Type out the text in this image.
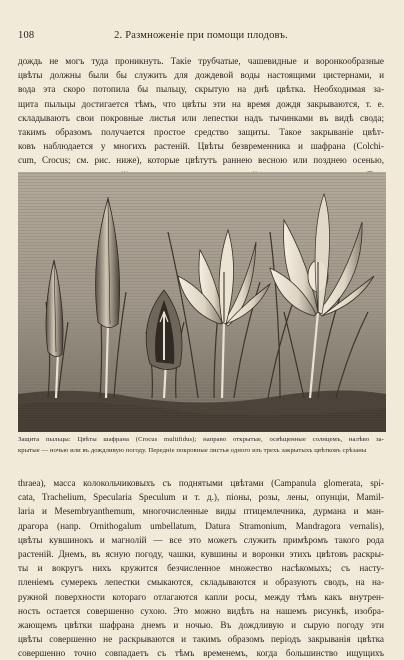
108	2. Размноженіе при помощи плодовъ.
дождь не могъ туда проникнуть. Такіе трубчатые, чашевидные и воронкообразные
цвѣты должны были бы служить для дождевой воды настоящими цистернами, и
вода эта скоро потопила бы пыльцу, скрытую на днѣ цвѣтка. Необходимая за-
щита пыльцы достигается тѣмъ, что цвѣты эти на время дождя закрываются, т. е.
складываютъ свои покровные листья или лепестки надъ тычинками въ видѣ свода;
такимъ образомъ получается простое средство защиты. Такое закрываніе цвѣт-
ковъ наблюдается у многихъ растеній. Цвѣты безвременника и шафрана (Colchi-
cum, Crocus; см. рис. ниже), которые цвѣтутъ раннею весною или позднею осенью,
Защита пыльцы: Цвѣты шафрана (Crocus multifidus); направо открытые, освѣщенные солнцемъ, налѣво за-
крытые — ночью или въ дождливую погоду. Передніе покровные листья одного изъ трехъ закрытыхъ цвѣтковъ срѣзаны
thraea), масса колокольчиковыхъ съ поднятыми цвѣтами (Campanula glomerata, spi-
cata, Trachelium, Specularia Speculum и т. д.), піоны, розы, лены, опунціи, Mamil-
laria и Mesembryanthemum, многочисленные виды птицемлечника, дурмана и ман-
драгора (напр. Ornithogalum umbellatum, Datura Stramonium, Mandragora vernalis),
цвѣты кувшинокъ и магнолій — все это можетъ служить примѣромъ такого рода
растеній. Днемъ, въ ясную погоду, чашки, кувшины и воронки этихъ цвѣтовъ раскры-
ты и вокругъ нихъ кружится безчисленное множество насѣкомыхъ; съ насту-
пленіемъ сумерекъ лепестки смыкаются, складываются и образуютъ сводъ, на на-
ружной поверхности котораго отлагаются капли росы, между тѣмъ какъ внутрен-
ность остается совершенно сухою. Это можно видѣть на нашемъ рисункѣ, изобра-
жающемъ цвѣтки шафрана днемъ и ночью. Въ дождливую и сырую погоду эти
цвѣты совершенно не раскрываются и такимъ образомъ періодъ закрыванія цвѣтка
совершенно точно совпадаетъ съ тѣмъ временемъ, когда большинство ищущихъ
